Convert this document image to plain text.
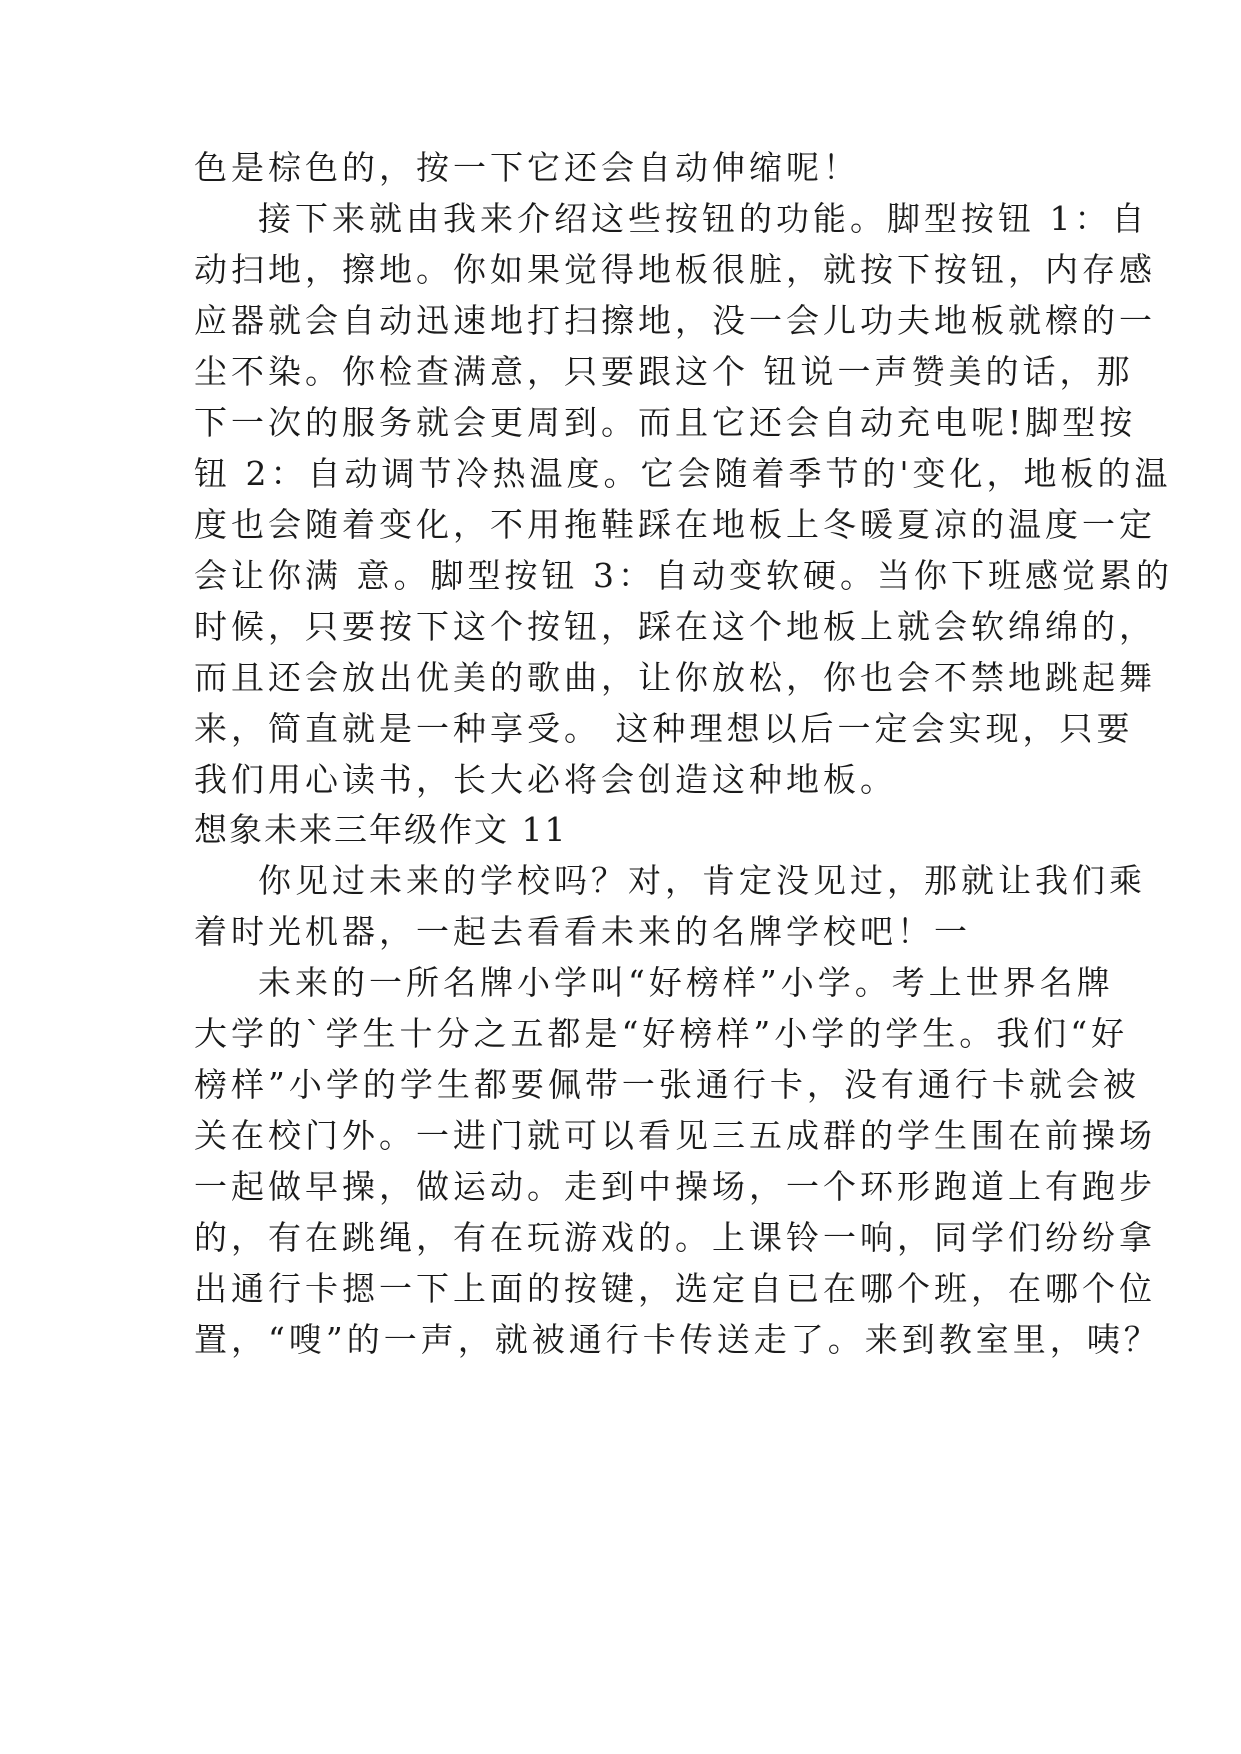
色是棕色的，按一下它还会自动伸缩呢！
接下来就由我来介绍这些按钮的功能。脚型按钮 1：自
动扫地，擦地。你如果觉得地板很脏，就按下按钮，内存感
应器就会自动迅速地打扫擦地，没一会儿功夫地板就檫的一
尘不染。你检查满意，只要跟这个 钮说一声赞美的话，那
下一次的服务就会更周到。而且它还会自动充电呢!脚型按
钮 2：自动调节冷热温度。它会随着季节的'变化，地板的温
度也会随着变化，不用拖鞋踩在地板上冬暖夏凉的温度一定
会让你满 意。脚型按钮 3：自动变软硬。当你下班感觉累的
时候，只要按下这个按钮，踩在这个地板上就会软绵绵的，
而且还会放出优美的歌曲，让你放松，你也会不禁地跳起舞
来，简直就是一种享受。 这种理想以后一定会实现，只要
我们用心读书，长大必将会创造这种地板。
想象未来三年级作文 11
你见过未来的学校吗？对，肯定没见过，那就让我们乘
着时光机器，一起去看看未来的名牌学校吧！一
未来的一所名牌小学叫“好榜样”小学。考上世界名牌
大学的`学生十分之五都是“好榜样”小学的学生。我们“好
榜样”小学的学生都要佩带一张通行卡，没有通行卡就会被
关在校门外。一进门就可以看见三五成群的学生围在前操场
一起做早操，做运动。走到中操场，一个环形跑道上有跑步
的，有在跳绳，有在玩游戏的。上课铃一响，同学们纷纷拿
出通行卡摁一下上面的按键，选定自已在哪个班，在哪个位
置，“嗖”的一声，就被通行卡传送走了。来到教室里，咦？
